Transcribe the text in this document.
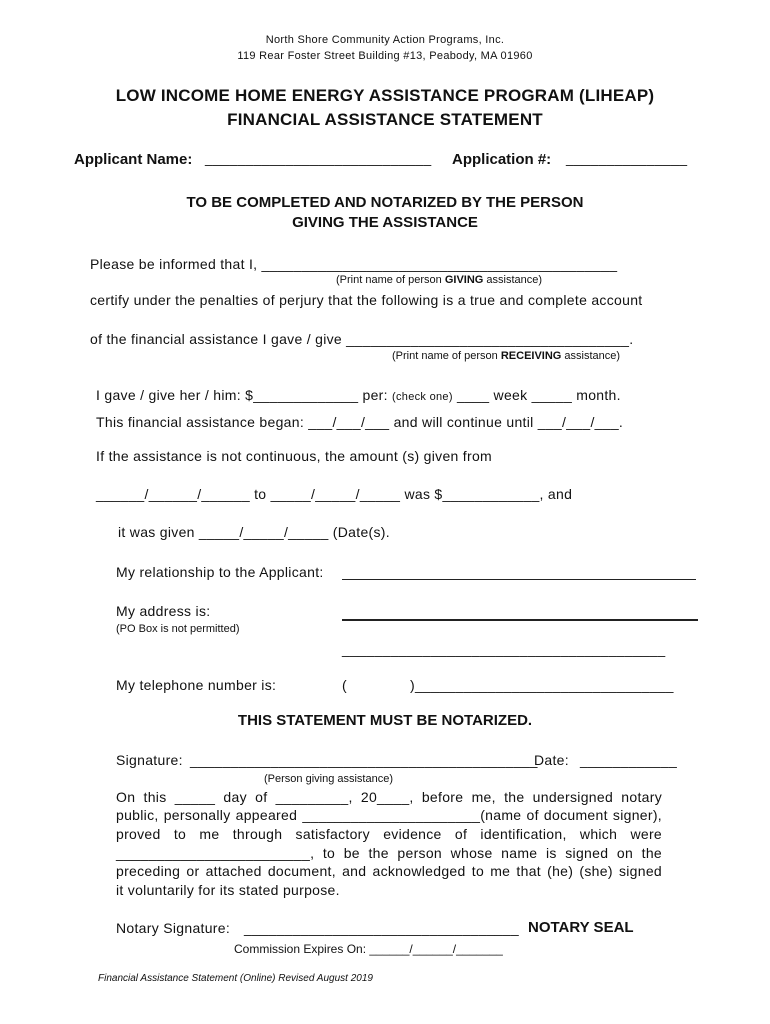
North Shore Community Action Programs, Inc.
119 Rear Foster Street Building #13, Peabody, MA 01960
LOW INCOME HOME ENERGY ASSISTANCE PROGRAM (LIHEAP)
FINANCIAL ASSISTANCE STATEMENT
Applicant Name: ____________________________ Application #: _______________
TO BE COMPLETED AND NOTARIZED BY THE PERSON
GIVING THE ASSISTANCE
Please be informed that I, ____________________________________________
(Print name of person GIVING assistance)
certify under the penalties of perjury that the following is a true and complete account
of the financial assistance I gave / give ___________________________________.
(Print name of person RECEIVING assistance)
I gave / give her / him: $_____________ per: (check one) ____ week _____ month.
This financial assistance began: ___/___/___ and will continue until ___/___/___.
If the assistance is not continuous, the amount (s) given from
______/______/______ to _____/_____/_____ was $____________, and
it was given _____/_____/_____ (Date(s).
My relationship to the Applicant:
My address is:
(PO Box is not permitted)
________________________________________
My telephone number is:	(	)________________________________
THIS STATEMENT MUST BE NOTARIZED.
Signature: ___________________________________________
Date: ____________
(Person giving assistance)
On this _____ day of _________, 20____, before me, the undersigned notary
public, personally appeared ______________________(name of document signer),
proved to me through satisfactory evidence of identification, which were
________________________, to be the person whose name is signed on the
preceding or attached document, and acknowledged to me that (he) (she) signed
it voluntarily for its stated purpose.
Notary Signature: __________________________________ NOTARY SEAL
Commission Expires On: ______/______/_______
Financial Assistance Statement (Online) Revised August 2019
